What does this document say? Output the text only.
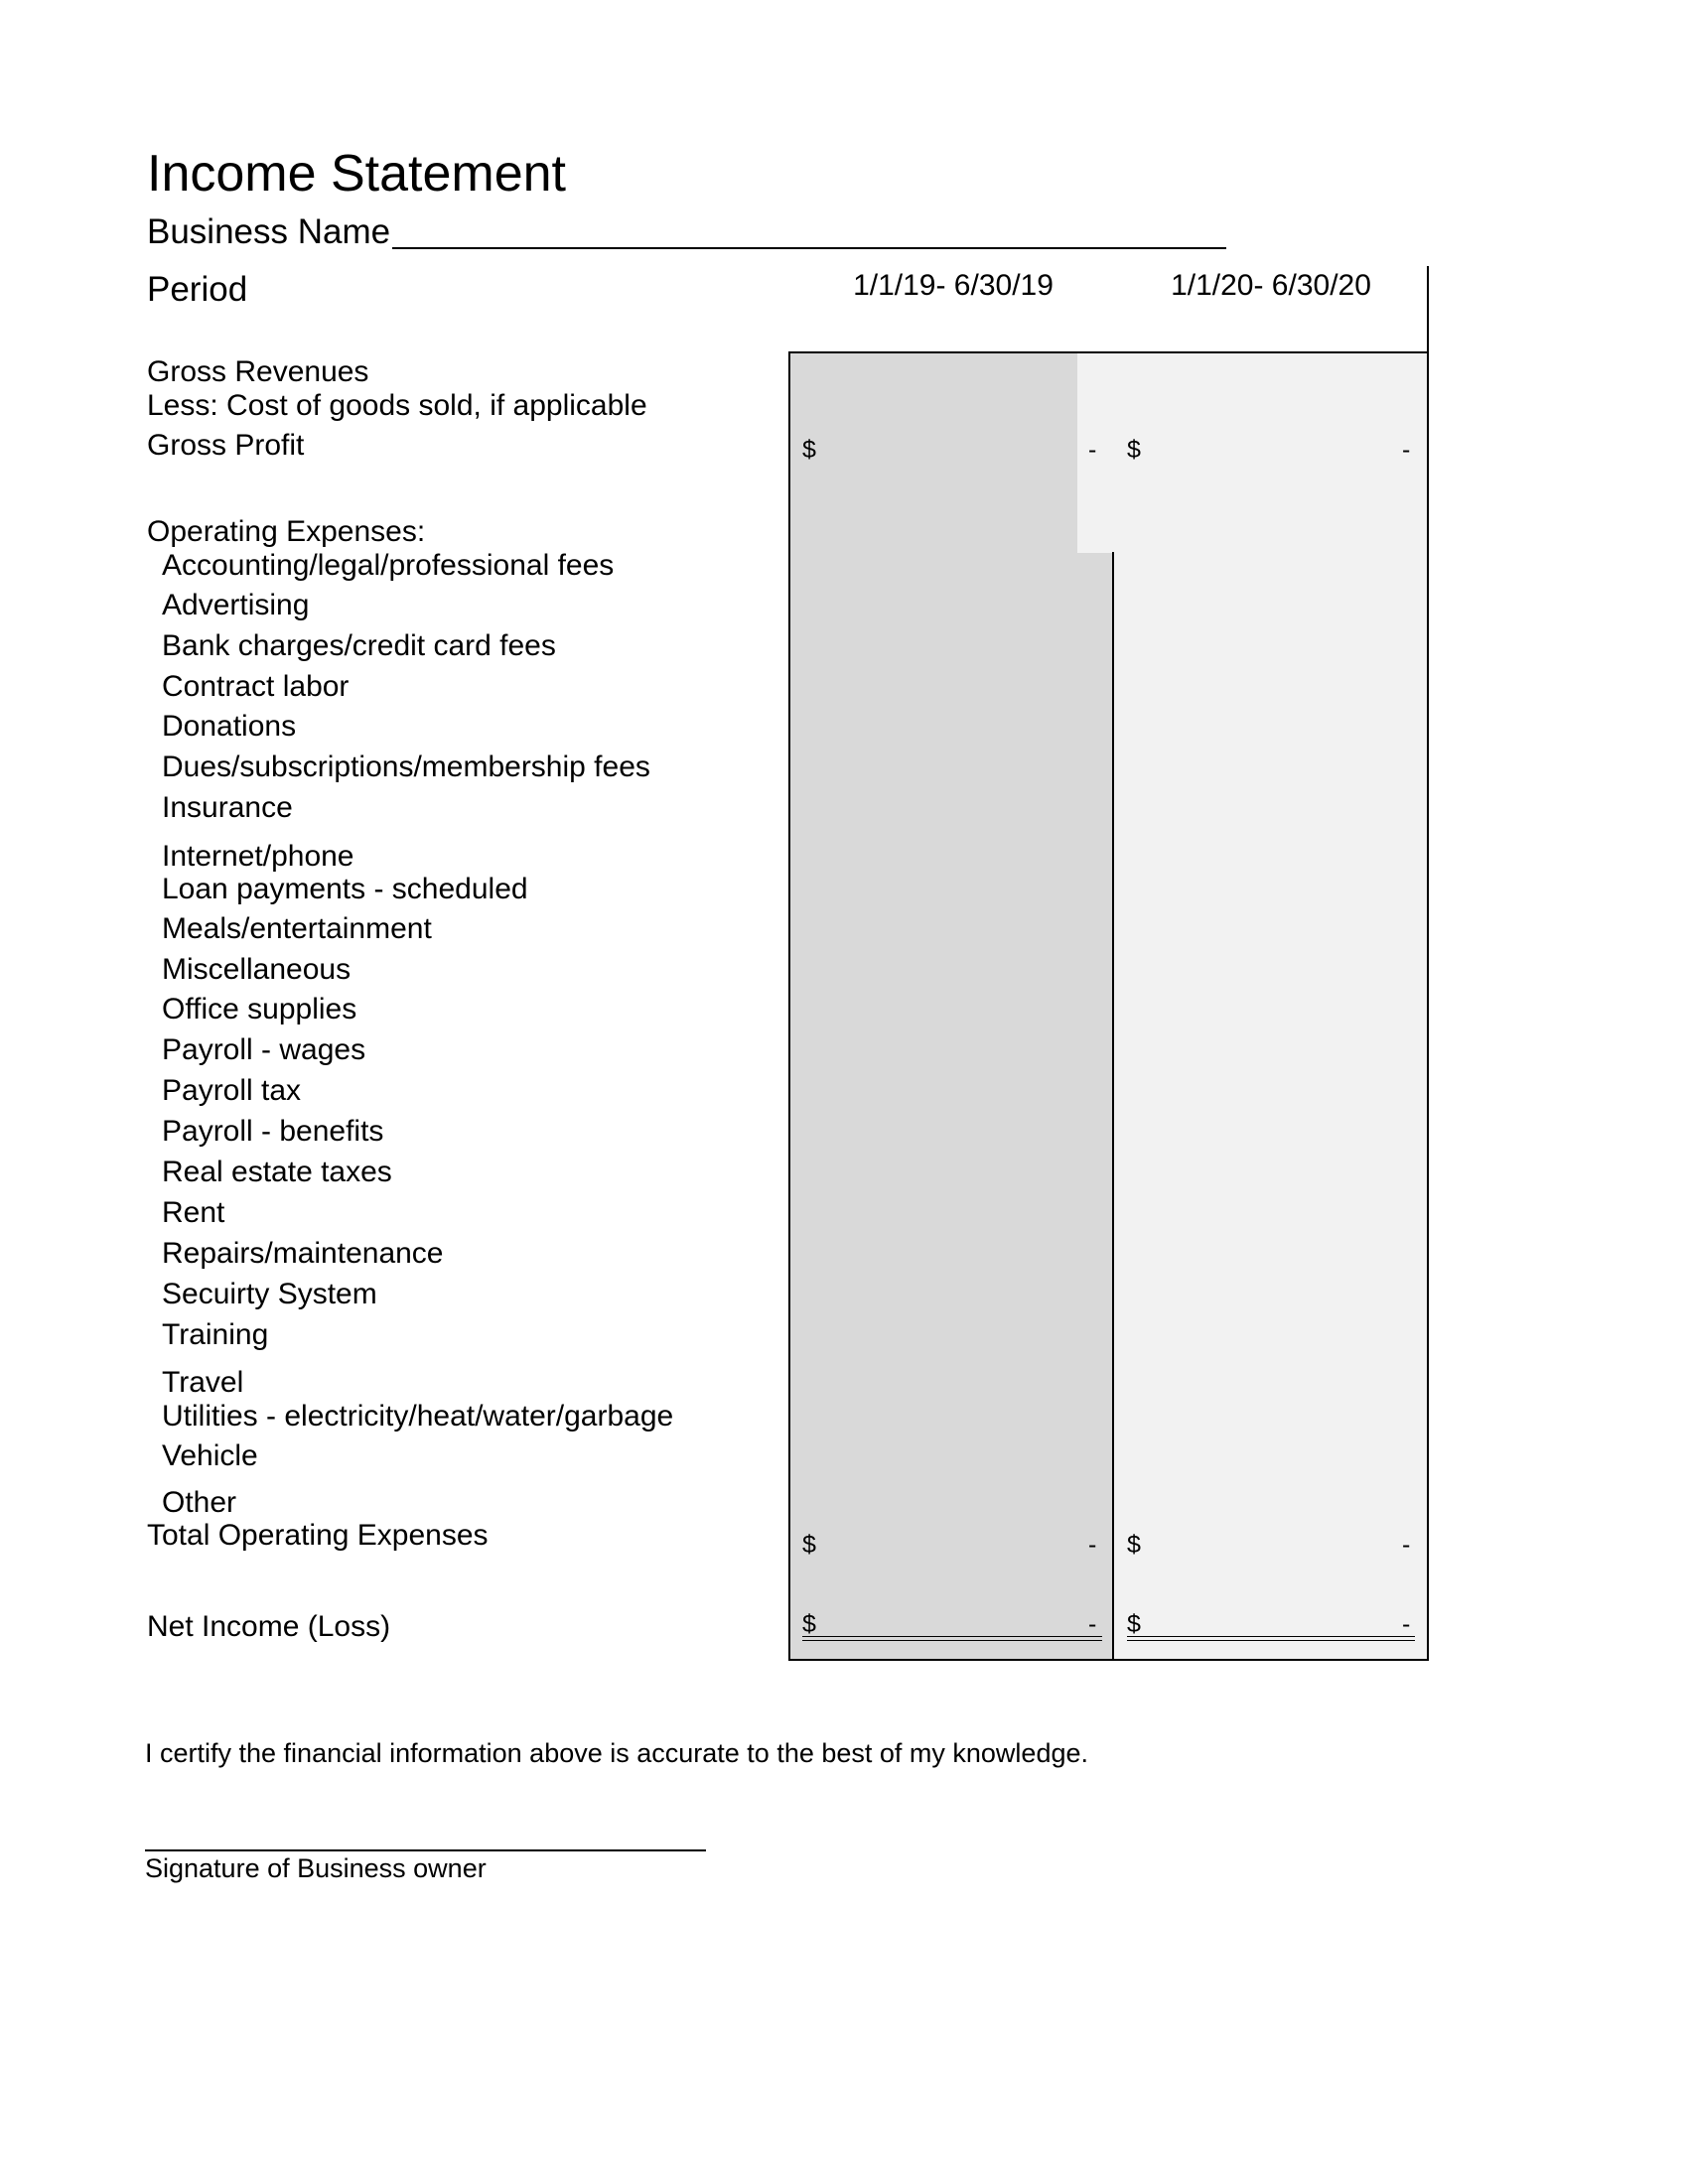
Income Statement
Business Name
Period	1/1/19- 6/30/19	1/1/20- 6/30/20
Gross Revenues
Less: Cost of goods sold, if applicable
Gross Profit	$	- $	-
Operating Expenses:
Accounting/legal/professional fees
Advertising
Bank charges/credit card fees
Contract labor
Donations
Dues/subscriptions/membership fees
Insurance
Internet/phone
Loan payments - scheduled
Meals/entertainment
Miscellaneous
Office supplies
Payroll - wages
Payroll tax
Payroll - benefits
Real estate taxes
Rent
Repairs/maintenance
Secuirty System
Training
Travel
Utilities - electricity/heat/water/garbage
Vehicle
Other
Total Operating Expenses	$	- $	-
Net Income (Loss)	$	- $	-
I certify the financial information above is accurate to the best of my knowledge.
Signature of Business owner
